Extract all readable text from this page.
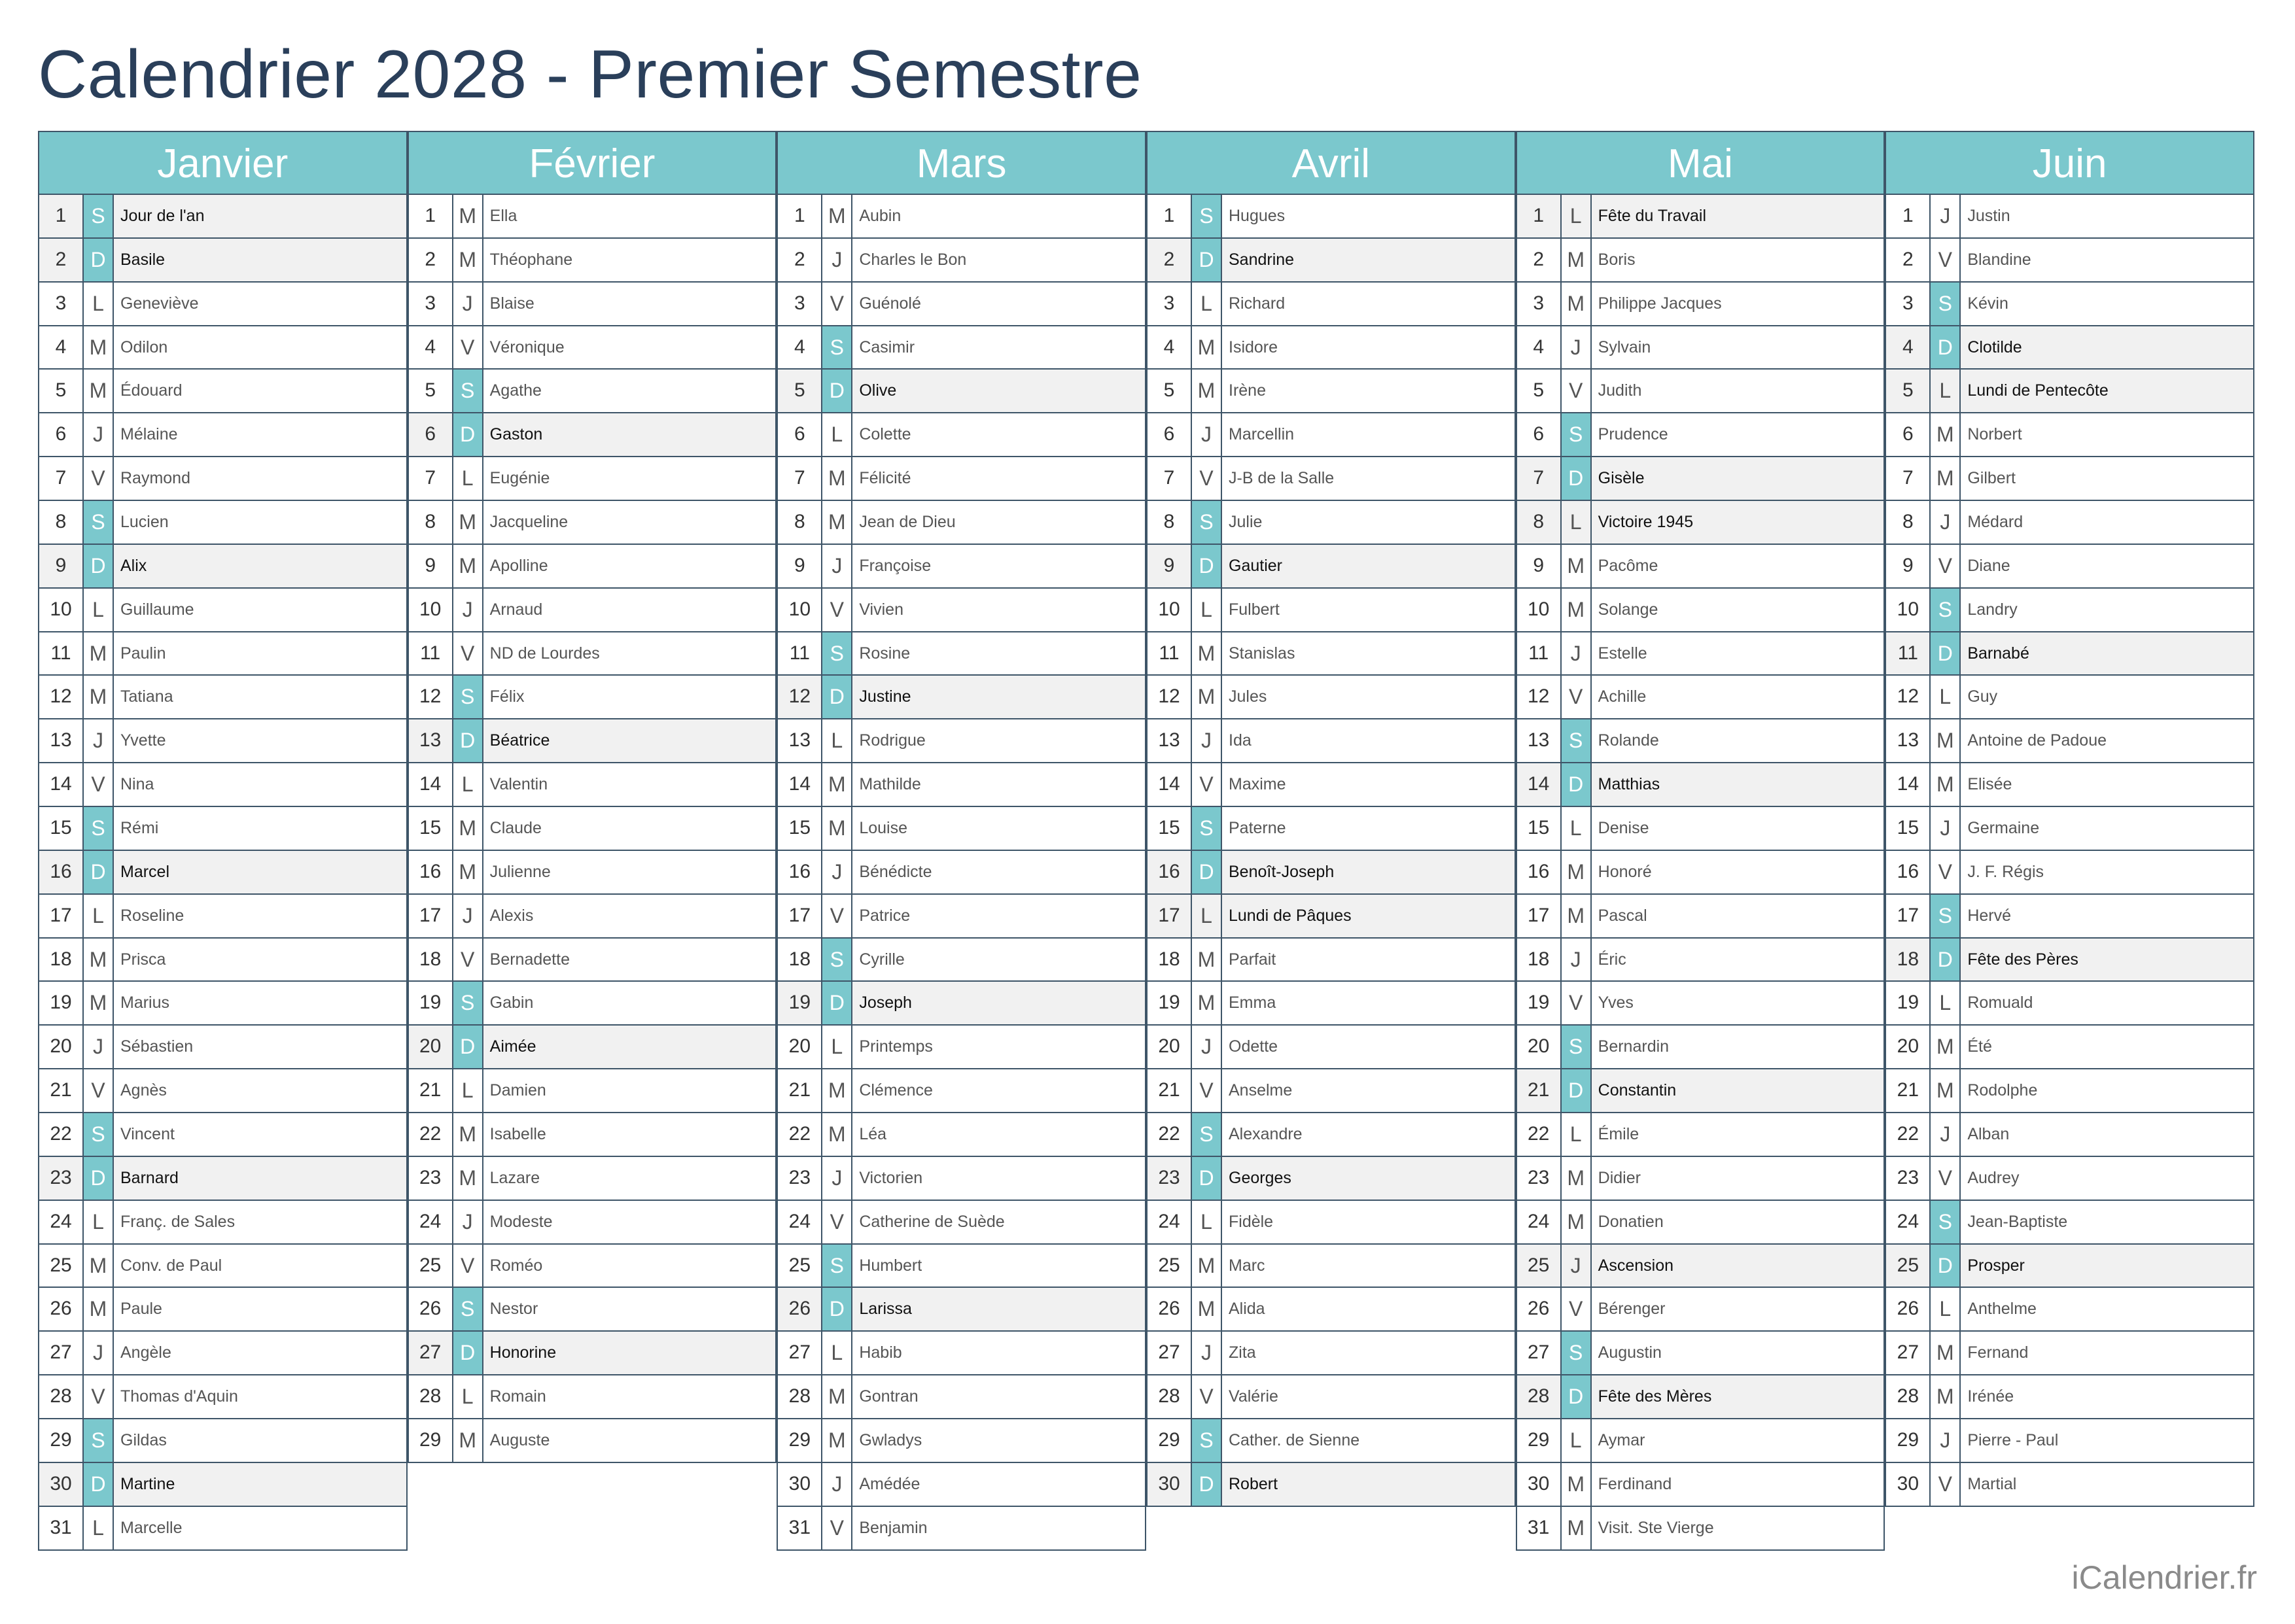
Calendrier 2028 - Premier Semestre
Janvier
1	S Jour de l'an
2	D Basile
3	L	Geneviève
4	M Odilon
5	M Édouard
6	J	Mélaine
7	V Raymond
8	S Lucien
9	D Alix
10 L	Guillaume
11 M Paulin
12 M Tatiana
13	J	Yvette
14 V Nina
15 S Rémi
16 D Marcel
17 L	Roseline
18 M Prisca
19 M Marius
20	J	Sébastien
21 V Agnès
22 S Vincent
23 D Barnard
24 L	Franç. de Sales
25 M Conv. de Paul
26 M Paule
27	J	Angèle
28 V Thomas d'Aquin
29 S Gildas
30 D Martine
31 L	Marcelle
Février
1	M Ella
2	M Théophane
3	J	Blaise
4	V Véronique
5	S Agathe
6	D Gaston
7	L	Eugénie
8	M Jacqueline
9	M Apolline
10	J	Arnaud
11 V ND de Lourdes
12 S Félix
13 D Béatrice
14 L	Valentin
15 M Claude
16 M Julienne
17	J	Alexis
18 V Bernadette
19 S Gabin
20 D Aimée
21 L	Damien
22 M Isabelle
23 M Lazare
24	J	Modeste
25 V Roméo
26 S Nestor
27 D Honorine
28 L	Romain
29 M Auguste
Mars
1	M Aubin
2	J	Charles le Bon
3	V Guénolé
4	S Casimir
5	D Olive
6	L	Colette
7	M Félicité
8	M Jean de Dieu
9	J	Françoise
10 V Vivien
11 S Rosine
12 D Justine
13 L	Rodrigue
14 M Mathilde
15 M Louise
16	J	Bénédicte
17 V Patrice
18 S Cyrille
19 D Joseph
20 L	Printemps
21 M Clémence
22 M Léa
23	J	Victorien
24 V Catherine de Suède
25 S Humbert
26 D Larissa
27 L	Habib
28 M Gontran
29 M Gwladys
30	J	Amédée
31 V Benjamin
Avril
1	S Hugues
2	D Sandrine
3	L	Richard
4	M Isidore
5	M Irène
6	J	Marcellin
7	V J-B de la Salle
8	S Julie
9	D Gautier
10 L	Fulbert
11 M Stanislas
12 M Jules
13	J	Ida
14 V Maxime
15 S Paterne
16 D Benoît-Joseph
17 L	Lundi de Pâques
18 M Parfait
19 M Emma
20	J	Odette
21 V Anselme
22 S Alexandre
23 D Georges
24 L	Fidèle
25 M Marc
26 M Alida
27	J	Zita
28 V Valérie
29 S Cather. de Sienne
30 D Robert
Mai
1	L	Fête du Travail
2	M Boris
3	M Philippe Jacques
4	J	Sylvain
5	V Judith
6	S Prudence
7	D Gisèle
8	L	Victoire 1945
9	M Pacôme
10 M Solange
11	J	Estelle
12 V Achille
13 S Rolande
14 D Matthias
15 L	Denise
16 M Honoré
17 M Pascal
18	J	Éric
19 V Yves
20 S Bernardin
21 D Constantin
22 L	Émile
23 M Didier
24 M Donatien
25	J	Ascension
26 V Bérenger
27 S Augustin
28 D Fête des Mères
29 L	Aymar
30 M Ferdinand
31 M Visit. Ste Vierge
Juin
1	J	Justin
2	V Blandine
3	S Kévin
4	D Clotilde
5	L	Lundi de Pentecôte
6	M Norbert
7	M Gilbert
8	J	Médard
9	V Diane
10 S Landry
11 D Barnabé
12 L	Guy
13 M Antoine de Padoue
14 M Elisée
15	J	Germaine
16 V J. F. Régis
17 S Hervé
18 D Fête des Pères
19 L	Romuald
20 M Été
21 M Rodolphe
22	J	Alban
23 V Audrey
24 S Jean-Baptiste
25 D Prosper
26 L	Anthelme
27 M Fernand
28 M Irénée
29	J	Pierre - Paul
30 V Martial
iCalendrier.fr
